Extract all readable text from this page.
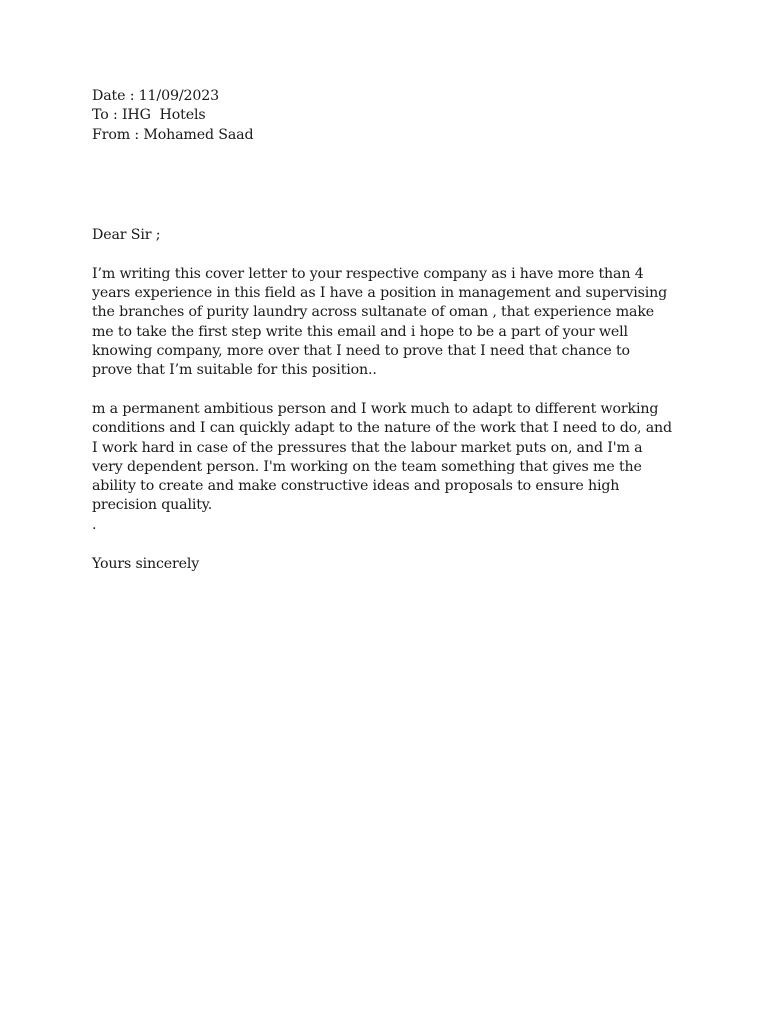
Date : 11/09/2023
To : IHG  Hotels
From : Mohamed Saad
Dear Sir ;
I’m writing this cover letter to your respective company as i have more than 4
years experience in this field as I have a position in management and supervising
the branches of purity laundry across sultanate of oman , that experience make
me to take the first step write this email and i hope to be a part of your well
knowing company, more over that I need to prove that I need that chance to
prove that I’m suitable for this position..
m a permanent ambitious person and I work much to adapt to different working
conditions and I can quickly adapt to the nature of the work that I need to do, and
I work hard in case of the pressures that the labour market puts on, and I'm a
very dependent person. I'm working on the team something that gives me the
ability to create and make constructive ideas and proposals to ensure high
precision quality.
.
Yours sincerely
